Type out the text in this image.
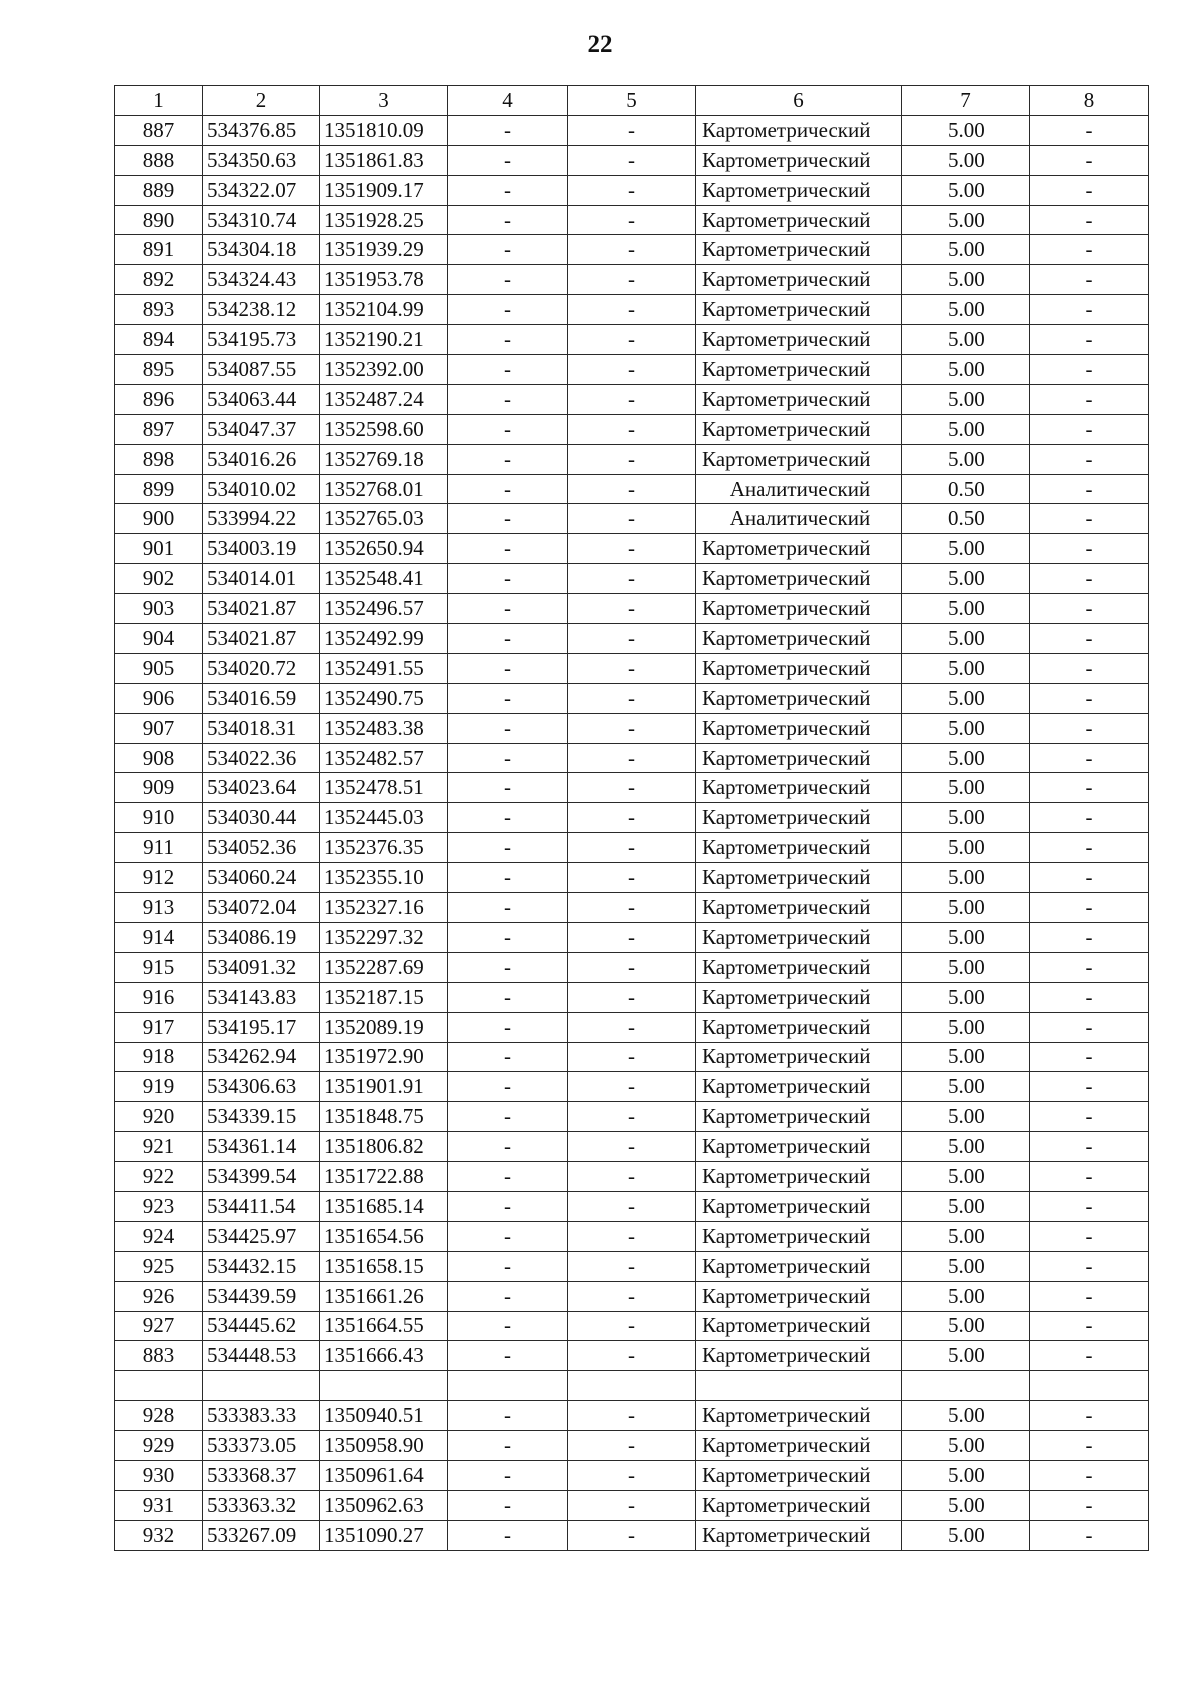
22
1	2	3	4	5	6	7	8
887	534376.85	1351810.09	-	-	Картометрический	5.00	-
888	534350.63	1351861.83	-	-	Картометрический	5.00	-
889	534322.07	1351909.17	-	-	Картометрический	5.00	-
890	534310.74	1351928.25	-	-	Картометрический	5.00	-
891	534304.18	1351939.29	-	-	Картометрический	5.00	-
892	534324.43	1351953.78	-	-	Картометрический	5.00	-
893	534238.12	1352104.99	-	-	Картометрический	5.00	-
894	534195.73	1352190.21	-	-	Картометрический	5.00	-
895	534087.55	1352392.00	-	-	Картометрический	5.00	-
896	534063.44	1352487.24	-	-	Картометрический	5.00	-
897	534047.37	1352598.60	-	-	Картометрический	5.00	-
898	534016.26	1352769.18	-	-	Картометрический	5.00	-
899	534010.02	1352768.01	-	-	Аналитический	0.50	-
900	533994.22	1352765.03	-	-	Аналитический	0.50	-
901	534003.19	1352650.94	-	-	Картометрический	5.00	-
902	534014.01	1352548.41	-	-	Картометрический	5.00	-
903	534021.87	1352496.57	-	-	Картометрический	5.00	-
904	534021.87	1352492.99	-	-	Картометрический	5.00	-
905	534020.72	1352491.55	-	-	Картометрический	5.00	-
906	534016.59	1352490.75	-	-	Картометрический	5.00	-
907	534018.31	1352483.38	-	-	Картометрический	5.00	-
908	534022.36	1352482.57	-	-	Картометрический	5.00	-
909	534023.64	1352478.51	-	-	Картометрический	5.00	-
910	534030.44	1352445.03	-	-	Картометрический	5.00	-
911	534052.36	1352376.35	-	-	Картометрический	5.00	-
912	534060.24	1352355.10	-	-	Картометрический	5.00	-
913	534072.04	1352327.16	-	-	Картометрический	5.00	-
914	534086.19	1352297.32	-	-	Картометрический	5.00	-
915	534091.32	1352287.69	-	-	Картометрический	5.00	-
916	534143.83	1352187.15	-	-	Картометрический	5.00	-
917	534195.17	1352089.19	-	-	Картометрический	5.00	-
918	534262.94	1351972.90	-	-	Картометрический	5.00	-
919	534306.63	1351901.91	-	-	Картометрический	5.00	-
920	534339.15	1351848.75	-	-	Картометрический	5.00	-
921	534361.14	1351806.82	-	-	Картометрический	5.00	-
922	534399.54	1351722.88	-	-	Картометрический	5.00	-
923	534411.54	1351685.14	-	-	Картометрический	5.00	-
924	534425.97	1351654.56	-	-	Картометрический	5.00	-
925	534432.15	1351658.15	-	-	Картометрический	5.00	-
926	534439.59	1351661.26	-	-	Картометрический	5.00	-
927	534445.62	1351664.55	-	-	Картометрический	5.00	-
883	534448.53	1351666.43	-	-	Картометрический	5.00	-

928	533383.33	1350940.51	-	-	Картометрический	5.00	-
929	533373.05	1350958.90	-	-	Картометрический	5.00	-
930	533368.37	1350961.64	-	-	Картометрический	5.00	-
931	533363.32	1350962.63	-	-	Картометрический	5.00	-
932	533267.09	1351090.27	-	-	Картометрический	5.00	-
